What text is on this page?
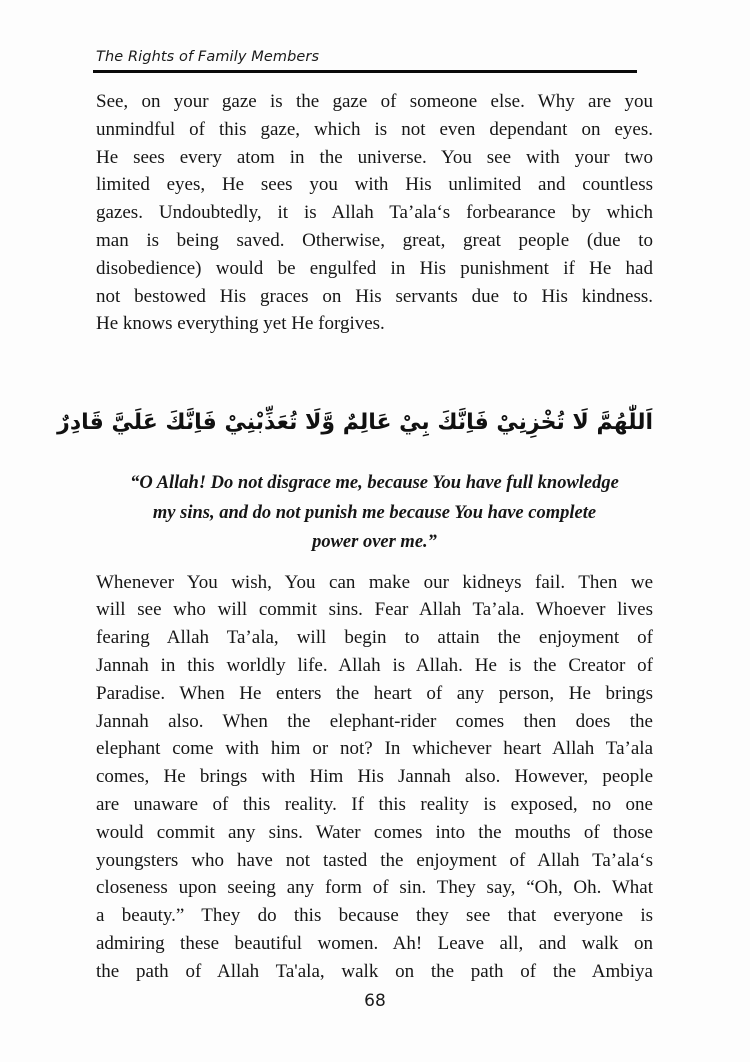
The Rights of Family Members
See, on your gaze is the gaze of someone else. Why are you
unmindful of this gaze, which is not even dependant on eyes.
He sees every atom in the universe. You see with your two
limited eyes, He sees you with His unlimited and countless
gazes. Undoubtedly, it is Allah Ta’ala‘s forbearance by which
man is being saved. Otherwise, great, great people (due to
disobedience) would be engulfed in His punishment if He had
not bestowed His graces on His servants due to His kindness.
He knows everything yet He forgives.
اَللّٰهُمَّ لَا تُخْزِنِيْ فَاِنَّكَ بِيْ عَالِمٌ وَّلَا تُعَذِّبْنِيْ فَاِنَّكَ عَلَيَّ قَادِرٌ
“O Allah! Do not disgrace me, because You have full knowledge
my sins, and do not punish me because You have complete
power over me.”
Whenever You wish, You can make our kidneys fail. Then we
will see who will commit sins. Fear Allah Ta’ala. Whoever lives
fearing Allah Ta’ala, will begin to attain the enjoyment of
Jannah in this worldly life. Allah is Allah. He is the Creator of
Paradise. When He enters the heart of any person, He brings
Jannah also. When the elephant-rider comes then does the
elephant come with him or not? In whichever heart Allah Ta’ala
comes, He brings with Him His Jannah also. However, people
are unaware of this reality. If this reality is exposed, no one
would commit any sins. Water comes into the mouths of those
youngsters who have not tasted the enjoyment of Allah Ta’ala‘s
closeness upon seeing any form of sin. They say, “Oh, Oh. What
a beauty.” They do this because they see that everyone is
admiring these beautiful women. Ah! Leave all, and walk on
the path of Allah Ta'ala, walk on the path of the Ambiya
68
